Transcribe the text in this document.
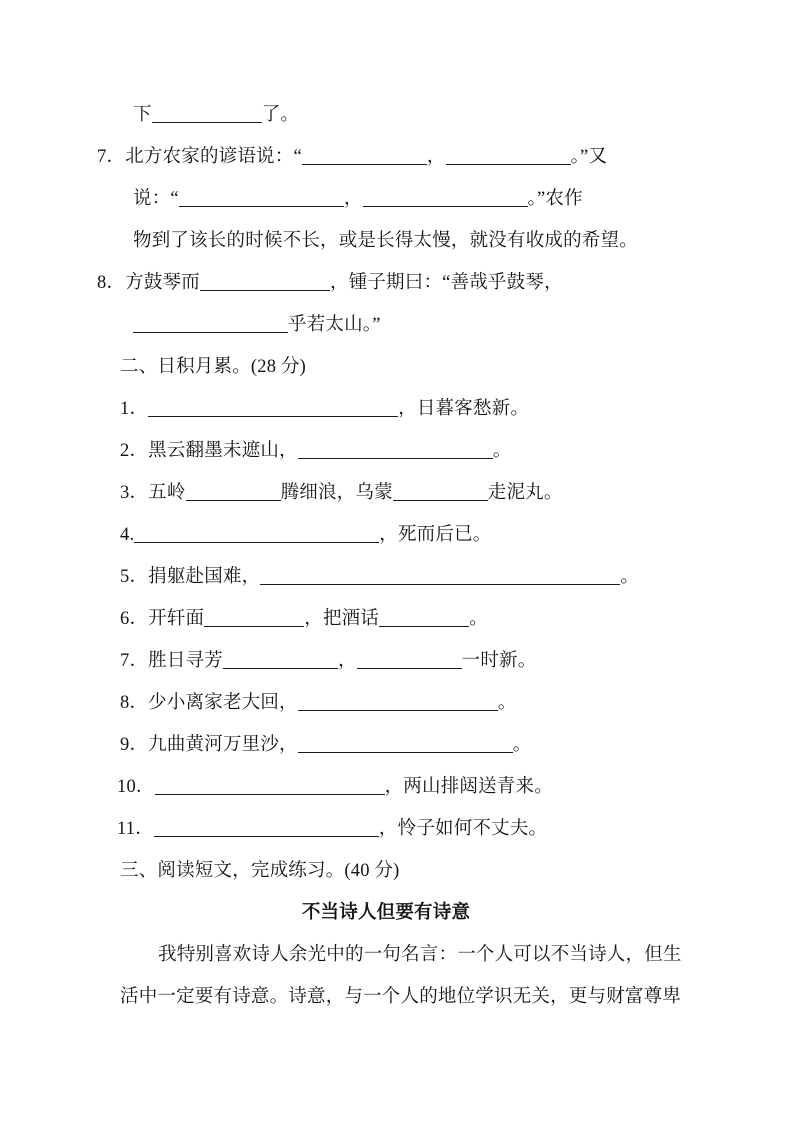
下	了。
7．北方农家的谚语说：“	，	。”又
说：“	，	。”农作
物到了该长的时候不长，或是长得太慢，就没有收成的希望。
8．方鼓琴而	，锺子期曰：“善哉乎鼓琴，
乎若太山。”
二、日积月累。(28 分)
1．	，日暮客愁新。
2．黑云翻墨未遮山，	。
3．五岭	腾细浪，乌蒙	走泥丸。
4.	，死而后已。
5．捐躯赴国难，	。
6．开轩面	，把酒话	。
7．胜日寻芳	，	一时新。
8．少小离家老大回，	。
9．九曲黄河万里沙，	。
10．	，两山排闼送青来。
11．	，怜子如何不丈夫。
三、阅读短文，完成练习。(40 分)
不当诗人但要有诗意
我特别喜欢诗人余光中的一句名言：一个人可以不当诗人，但生
活中一定要有诗意。诗意，与一个人的地位学识无关，更与财富尊卑
